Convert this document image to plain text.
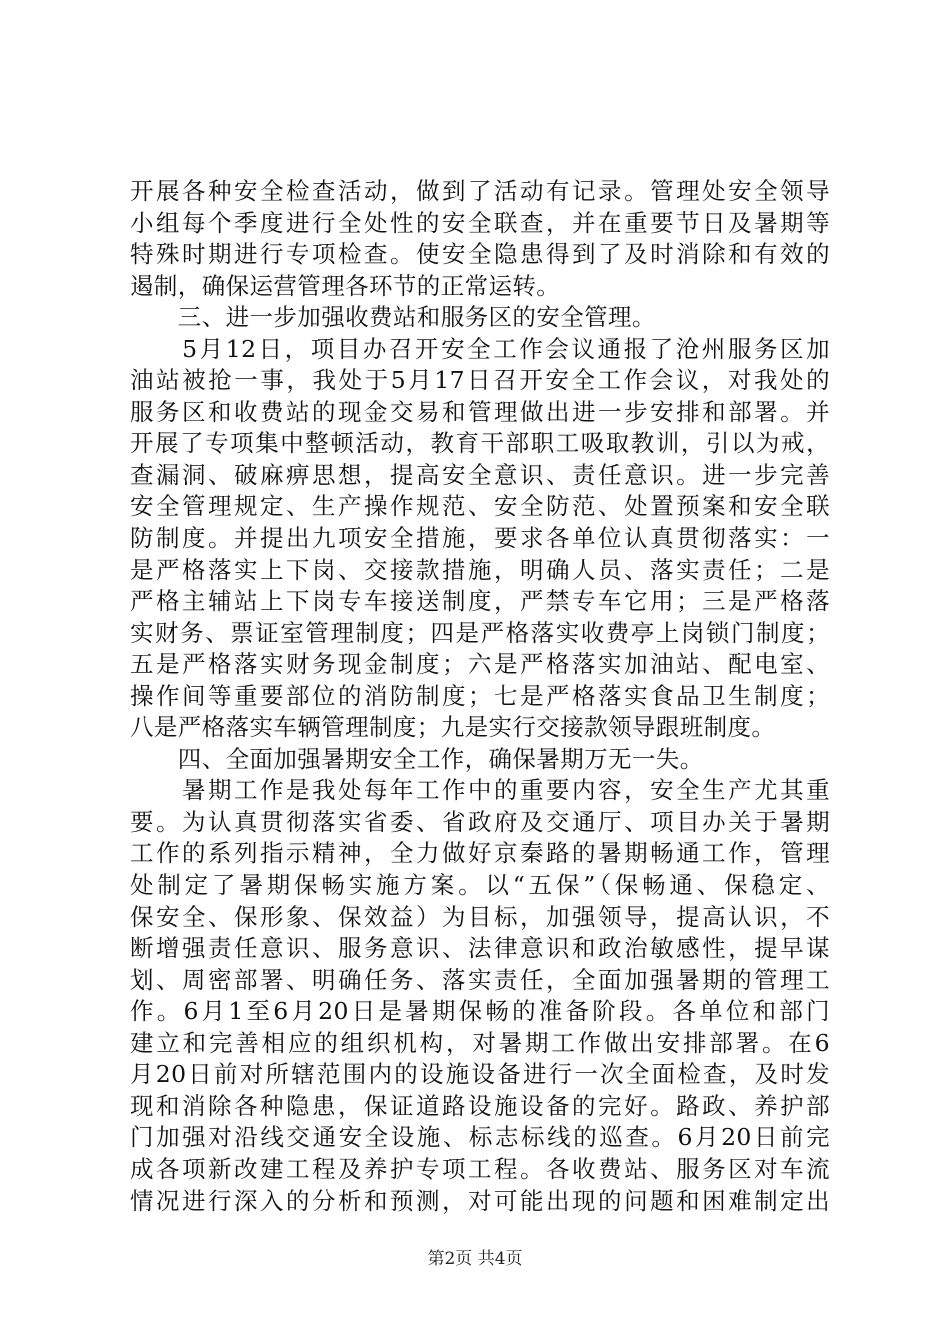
开展各种安全检查活动，做到了活动有记录。管理处安全领导
小组每个季度进行全处性的安全联查，并在重要节日及暑期等
特殊时期进行专项检查。使安全隐患得到了及时消除和有效的
遏制，确保运营管理各环节的正常运转。
　　三、进一步加强收费站和服务区的安全管理。
　　5月12日，项目办召开安全工作会议通报了沧州服务区加
油站被抢一事，我处于5月17日召开安全工作会议，对我处的
服务区和收费站的现金交易和管理做出进一步安排和部署。并
开展了专项集中整顿活动，教育干部职工吸取教训，引以为戒，
查漏洞、破麻痹思想，提高安全意识、责任意识。进一步完善
安全管理规定、生产操作规范、安全防范、处置预案和安全联
防制度。并提出九项安全措施，要求各单位认真贯彻落实：一
是严格落实上下岗、交接款措施，明确人员、落实责任；二是
严格主辅站上下岗专车接送制度，严禁专车它用；三是严格落
实财务、票证室管理制度；四是严格落实收费亭上岗锁门制度；
五是严格落实财务现金制度；六是严格落实加油站、配电室、
操作间等重要部位的消防制度；七是严格落实食品卫生制度；
八是严格落实车辆管理制度；九是实行交接款领导跟班制度。
　　四、全面加强暑期安全工作，确保暑期万无一失。
　　暑期工作是我处每年工作中的重要内容，安全生产尤其重
要。为认真贯彻落实省委、省政府及交通厅、项目办关于暑期
工作的系列指示精神，全力做好京秦路的暑期畅通工作，管理
处制定了暑期保畅实施方案。以“五保”（保畅通、保稳定、
保安全、保形象、保效益）为目标，加强领导，提高认识，不
断增强责任意识、服务意识、法律意识和政治敏感性，提早谋
划、周密部署、明确任务、落实责任，全面加强暑期的管理工
作。6月1至6月20日是暑期保畅的准备阶段。各单位和部门
建立和完善相应的组织机构，对暑期工作做出安排部署。在6
月20日前对所辖范围内的设施设备进行一次全面检查，及时发
现和消除各种隐患，保证道路设施设备的完好。路政、养护部
门加强对沿线交通安全设施、标志标线的巡查。6月20日前完
成各项新改建工程及养护专项工程。各收费站、服务区对车流
情况进行深入的分析和预测，对可能出现的问题和困难制定出
第2页 共4页
